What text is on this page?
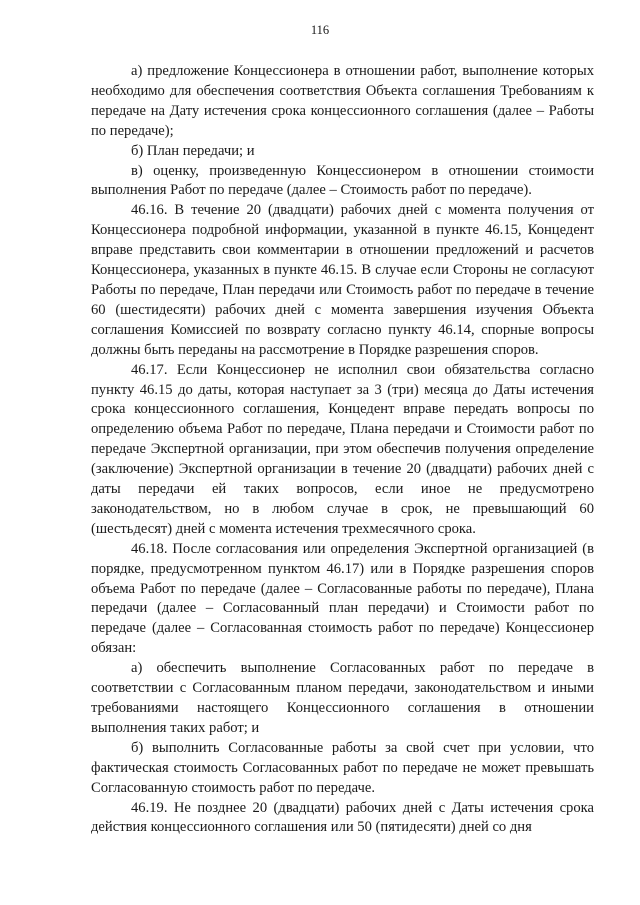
116

а) предложение Концессионера в отношении работ, выполнение которых необходимо для обеспечения соответствия Объекта соглашения Требованиям к передаче на Дату истечения срока концессионного соглашения (далее – Работы по передаче);

б) План передачи; и

в) оценку, произведенную Концессионером в отношении стоимости выполнения Работ по передаче (далее – Стоимость работ по передаче).

46.16. В течение 20 (двадцати) рабочих дней с момента получения от Концессионера подробной информации, указанной в пункте 46.15, Концедент вправе представить свои комментарии в отношении предложений и расчетов Концессионера, указанных в пункте 46.15. В случае если Стороны не согласуют Работы по передаче, План передачи или Стоимость работ по передаче в течение 60 (шестидесяти) рабочих дней с момента завершения изучения Объекта соглашения Комиссией по возврату согласно пункту 46.14, спорные вопросы должны быть переданы на рассмотрение в Порядке разрешения споров.

46.17. Если Концессионер не исполнил свои обязательства согласно пункту 46.15 до даты, которая наступает за 3 (три) месяца до Даты истечения срока концессионного соглашения, Концедент вправе передать вопросы по определению объема Работ по передаче, Плана передачи и Стоимости работ по передаче Экспертной организации, при этом обеспечив получения определение (заключение) Экспертной организации в течение 20 (двадцати) рабочих дней с даты передачи ей таких вопросов, если иное не предусмотрено законодательством, но в любом случае в срок, не превышающий 60 (шестьдесят) дней с момента истечения трехмесячного срока.

46.18. После согласования или определения Экспертной организацией (в порядке, предусмотренном пунктом 46.17) или в Порядке разрешения споров объема Работ по передаче (далее – Согласованные работы по передаче), Плана передачи (далее – Согласованный план передачи) и Стоимости работ по передаче (далее – Согласованная стоимость работ по передаче) Концессионер обязан:

а) обеспечить выполнение Согласованных работ по передаче в соответствии с Согласованным планом передачи, законодательством и иными требованиями настоящего Концессионного соглашения в отношении выполнения таких работ; и

б) выполнить Согласованные работы за свой счет при условии, что фактическая стоимость Согласованных работ по передаче не может превышать Согласованную стоимость работ по передаче.

46.19. Не позднее 20 (двадцати) рабочих дней с Даты истечения срока действия концессионного соглашения или 50 (пятидесяти) дней со дня
